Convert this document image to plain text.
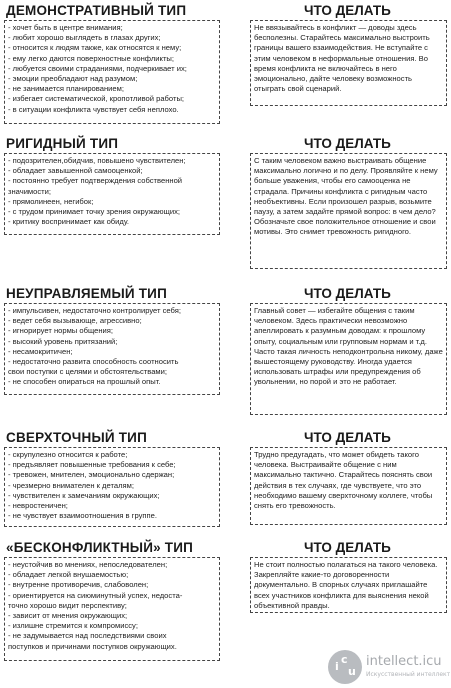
ДЕМОНСТРАТИВНЫЙ ТИП	ЧТО ДЕЛАТЬ
- хочет быть в центре внимания;
- любит хорошо выглядеть в глазах других;
- относится к людям также, как относятся к нему;
- ему легко даются поверхностные конфликты;
- любуется своими страданиями, подчеркивает их;
- эмоции преобладают над разумом;
- не занимается планированием;
- избегает систематической, кропотливой работы;
- в ситуации конфликта чувствует себя неплохо.
Не ввязывайтесь в конфликт — доводы здесь бесполезны. Старайтесь максимально выстроить границы вашего взаимодействия. Не вступайте с этим человеком в неформальные отношения. Во время конфликта не включайтесь в него эмоционально, дайте человеку возможность отыграть свой сценарий.
РИГИДНЫЙ ТИП	ЧТО ДЕЛАТЬ
- подозрителен,обидчив, повышено чувствителен;
- обладает завышенной самооценкой;
- постоянно требует подтверждения собственной
значимости;
- прямолинеен, негибок;
- с трудом принимает точку зрения окружающих;
- критику воспринимает как обиду.
С таким человеком важно выстраивать общение максимально логично и по делу. Проявляйте к нему больше уважения, чтобы его самооценка не страдала. Причины конфликта с ригидным часто необъективны. Если произошел разрыв, возьмите паузу, а затем задайте прямой вопрос: в чем дело? Обозначьте свое положительное отношение и свои мотивы. Это снимет тревожность ригидного.
НЕУПРАВЛЯЕМЫЙ ТИП	ЧТО ДЕЛАТЬ
- импульсивен, недостаточно контролирует себя;
- ведет себя вызывающе, агрессивно;
- игнорирует нормы общения;
- высокий уровень притязаний;
- несамокритичен;
- недостаточно развита способность соотносить
свои поступки с целями и обстоятельствами;
- не способен опираться на прошлый опыт.
Главный совет — избегайте общения с таким человеком. Здесь практически невозможно апеллировать к разумным доводам: к прошлому опыту, социальным или групповым нормам и т.д. Часто такая личность неподконтрольна никому, даже вышестоящему руководству. Иногда удается использовать штрафы или предупреждения об увольнении, но порой и это не работает.
СВЕРХТОЧНЫЙ ТИП	ЧТО ДЕЛАТЬ
- скрупулезно относится к работе;
- предъявляет повышенные требования к себе;
- тревожен, мнителен, эмоционально сдержан;
- чрезмерно внимателен к деталям;
- чувствителен к замечаниям окружающих;
- невростеничен;
- не чувствует взаимоотношения в группе.
Трудно предугадать, что может обидеть такого человека. Выстраивайте общение с ним максимально тактично. Старайтесь пояснять свои действия в тех случаях, где чувствуете, что это необходимо вашему сверхточному коллеге, чтобы снять его тревожность.
«БЕСКОНФЛИКТНЫЙ» ТИП	ЧТО ДЕЛАТЬ
- неустойчив во мнениях, непоследователен;
- обладает легкой внушаемостью;
- внутренне противоречив, слабоволен;
- ориентируется на сиюминутный успех, недоста-
точно хорошо видит перспективу;
- зависит от мнения окружающих;
- излишне стремится к компромиссу;
- не задумывается над последствиями своих
поступков и причинами поступков окружающих.
Не стоит полностью полагаться на такого человека. Закрепляйте какие-то договоренности документально. В спорных случаях приглашайте всех участников конфликта для выяснения некой объективной правды.
i
c
u
intellect.icu
Искусственный интеллект
